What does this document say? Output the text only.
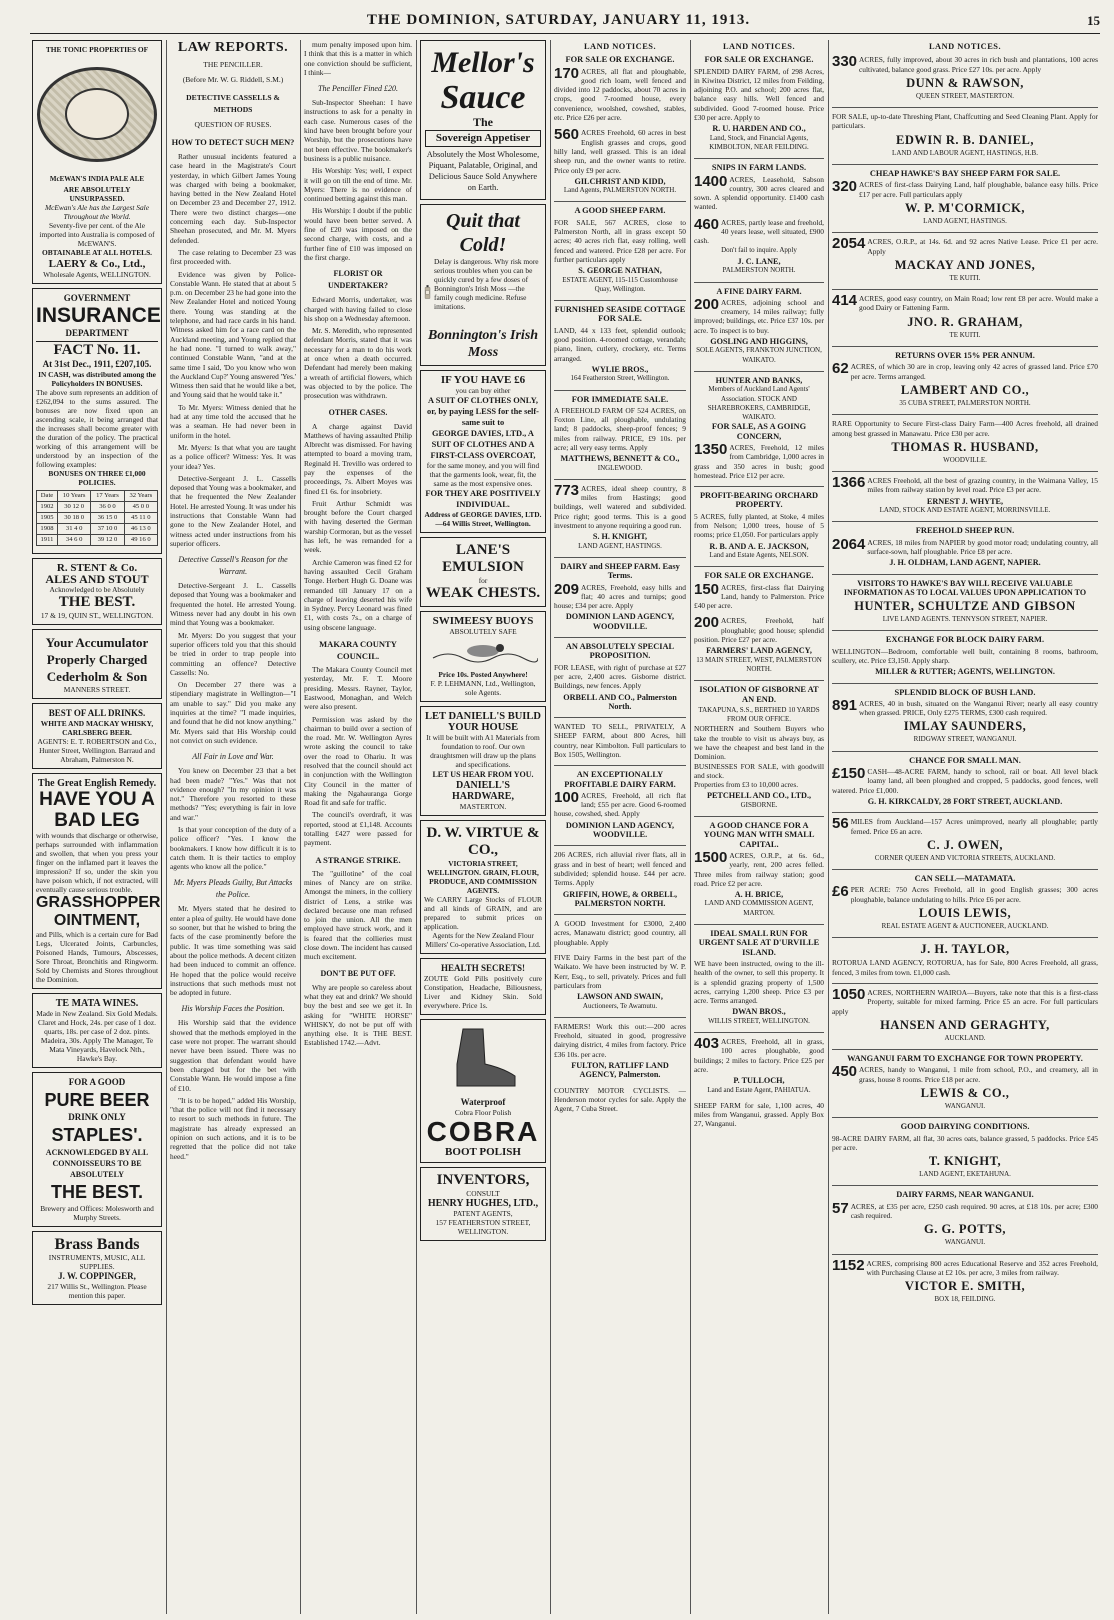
THE DOMINION, SATURDAY, JANUARY 11, 1913.	15
THE TONIC PROPERTIES OF
McEWAN'S INDIA PALE ALE
ARE ABSOLUTELY UNSURPASSED.
McEwan's Ale has the Largest Sale Throughout the World.
Seventy-five per cent. of the Ale imported into Australia is composed of McEWAN'S.
OBTAINABLE AT ALL HOTELS.
LAERY & Co., Ltd.,
Wholesale Agents, WELLINGTON.
GOVERNMENT
INSURANCE
DEPARTMENT
FACT No. 11.
At 31st Dec., 1911, £207,105.
IN CASH, was distributed among the Policyholders IN BONUSES.
The above sum represents an addition of £262,094 to the sums assured. The bonuses are now fixed upon an ascending scale, it being arranged that the increases shall become greater with the duration of the policy. The practical working of this arrangement will be understood by an inspection of the following examples:
BONUSES ON THREE £1,000 POLICIES.
Date	10 Years	17 Years	32 Years
1902	30 12 0	36 0 0	45 0 0
1905	30 18 0	36 15 0	45 11 0
1908	31 4 0	37 10 0	46 13 0
1911	34 6 0	39 12 0	49 16 0
R. STENT & Co.
ALES AND STOUT
Acknowledged to be Absolutely
THE BEST.
17 & 19, QUIN ST., WELLINGTON.
Your Accumulator
Properly Charged
Cederholm & Son
MANNERS STREET.
BEST OF ALL DRINKS.
WHITE AND MACKAY WHISKY, CARLSBERG BEER.
AGENTS: E. T. ROBERTSON and Co., Hunter Street, Wellington. Barraud and Abraham, Palmerston N.
The Great English Remedy.
HAVE YOU A BAD LEG
with wounds that discharge or otherwise, perhaps surrounded with inflammation and swollen, that when you press your finger on the inflamed part it leaves the impression? If so, under the skin you have poison which, if not extracted, will eventually cause serious trouble.
GRASSHOPPER
OINTMENT,
and Pills, which is a certain cure for Bad Legs, Ulcerated Joints, Carbuncles, Poisoned Hands, Tumours, Abscesses, Sore Throat, Bronchitis and Ringworm. Sold by Chemists and Stores throughout the Dominion.
TE MATA WINES.
Made in New Zealand. Six Gold Medals. Claret and Hock, 24s. per case of 1 doz. quarts, 18s. per case of 2 doz. pints. Madeira, 30s. Apply The Manager, Te Mata Vineyards, Havelock Nth., Hawke's Bay.
FOR A GOOD
PURE BEER
DRINK ONLY
STAPLES'.
ACKNOWLEDGED BY ALL CONNOISSEURS TO BE ABSOLUTELY
THE BEST.
Brewery and Offices: Molesworth and Murphy Streets.
Brass Bands
INSTRUMENTS, MUSIC, ALL SUPPLIES.
J. W. COPPINGER,
217 Willis St., Wellington. Please mention this paper.
LAW REPORTS.
THE PENCILLER.
(Before Mr. W. G. Riddell, S.M.)
DETECTIVE CASSELLS & METHODS
QUESTION OF RUSES.
HOW TO DETECT SUCH MEN?

Rather unusual incidents featured a case heard in the Magistrate's Court yesterday, in which Gilbert James Young was charged with being a bookmaker, having betted in the New Zealand Hotel on December 23 and December 27, 1912. There were two distinct charges—one concerning each day. Sub-Inspector Sheehan prosecuted, and Mr. M. Myers defended.

The case relating to December 23 was first proceeded with.

Evidence was given by Police-Constable Wann. He stated that at about 5 p.m. on December 23 he had gone into the New Zealander Hotel and noticed Young there. Young was standing at the telephone, and had race cards in his hand. Witness asked him for a race card on the Auckland meeting, and Young replied that he had none. "I turned to walk away," continued Constable Wann, "and at the same time I said, 'Do you know who won the Auckland Cup?' Young answered 'Yes.' Witness then said that he would like a bet, and Young said that he would take it."

To Mr. Myers: Witness denied that he had at any time told the accused that he was a seaman. He had never been in uniform in the hotel.

Mr. Myers: Is that what you are taught as a police officer? Witness: Yes. It was your idea? Yes.

Detective-Sergeant J. L. Cassells deposed that Young was a bookmaker, and that he frequented the New Zealander Hotel. He arrested Young. It was under his instructions that Constable Wann had gone to the New Zealander Hotel, and witness acted under instructions from his superior officers.

Detective Cassell's Reason for the Warrant.

Detective-Sergeant J. L. Cassells deposed that Young was a bookmaker and frequented the hotel. He arrested Young. Witness never had any doubt in his own mind that Young was a bookmaker.

Mr. Myers: Do you suggest that your superior officers told you that this should be tried in order to trap people into committing an offence? Detective Cassells: No.

On December 27 there was a stipendiary magistrate in Wellington—"I am unable to say." Did you make any inquiries at the time? "I made inquiries, and found that he did not know anything." Mr. Myers said that His Worship could not convict on such evidence.

All Fair in Love and War.

You knew on December 23 that a bet had been made? "Yes." Was that not evidence enough? "In my opinion it was not." Therefore you resorted to these methods? "Yes; everything is fair in love and war."

Is that your conception of the duty of a police officer? "Yes. I know the bookmakers. I know how difficult it is to catch them. It is their tactics to employ agents who know all the police."

Mr. Myers Pleads Guilty, But Attacks the Police.

Mr. Myers stated that he desired to enter a plea of guilty. He would have done so sooner, but that he wished to bring the facts of the case prominently before the public. It was time something was said about the police methods. A decent citizen had been induced to commit an offence. He hoped that the police would receive instructions that such methods must not be adopted in future.

His Worship Faces the Position.

His Worship said that the evidence showed that the methods employed in the case were not proper. The warrant should never have been issued. There was no suggestion that defendant would have been charged but for the bet with Constable Wann. He would impose a fine of £10.

"It is to be hoped," added His Worship, "that the police will not find it necessary to resort to such methods in future. The magistrate has already expressed an opinion on such actions, and it is to be regretted that the police did not take heed."

mum penalty imposed upon him. I think that this is a matter in which one conviction should be sufficient, I think—

The Penciller Fined £20.

Sub-Inspector Sheehan: I have instructions to ask for a penalty in each case. Numerous cases of the kind have been brought before your Worship, but the prosecutions have not been effective. The bookmaker's business is a public nuisance.

His Worship: Yes; well, I expect it will go on till the end of time. Mr. Myers: There is no evidence of continued betting against this man.

His Worship: I doubt if the public would have been better served. A fine of £20 was imposed on the second charge, with costs, and a further fine of £10 was imposed on the first charge.

FLORIST OR UNDERTAKER?

Edward Morris, undertaker, was charged with having failed to close his shop on a Wednesday afternoon.

Mr. S. Meredith, who represented defendant Morris, stated that it was necessary for a man to do his work at once when a death occurred. Defendant had merely been making a wreath of artificial flowers, which was objected to by the police. The prosecution was withdrawn.

OTHER CASES.

A charge against David Matthews of having assaulted Philip Albrecht was dismissed. For having attempted to board a moving tram, Reginald H. Trevillo was ordered to pay the expenses of the proceedings, 7s. Albert Moyes was fined £1 6s. for insobriety.

Fruit Arthur Schmidt was brought before the Court charged with having deserted the German warship Cormoran, but as the vessel has left, he was remanded for a week.

Archie Cameron was fined £2 for having assaulted Cecil Graham Tonge. Herbert Hugh G. Doane was remanded till January 17 on a charge of leaving deserted his wife in Sydney. Percy Leonard was fined £1, with costs 7s., on a charge of using obscene language.

MAKARA COUNTY COUNCIL.

The Makara County Council met yesterday, Mr. F. T. Moore presiding. Messrs. Rayner, Taylor, Eastwood, Monaghan, and Welch were also present.

Permission was asked by the chairman to build over a section of the road. Mr. W. Wellington Ayres wrote asking the council to take over the road to Ohariu. It was resolved that the council should act in conjunction with the Wellington City Council in the matter of making the Ngahauranga Gorge Road fit and safe for traffic.

The council's overdraft, it was reported, stood at £1,148. Accounts totalling £427 were passed for payment.

A STRANGE STRIKE.

The "guillotine" of the coal mines of Nancy are on strike. Amongst the miners, in the colliery district of Lens, a strike was declared because one man refused to join the union. All the men employed have struck work, and it is feared that the collieries must close down. The incident has caused much excitement.

DON'T BE PUT OFF.

Why are people so careless about what they eat and drink? We should buy the best and see we get it. In asking for "WHITE HORSE" WHISKY, do not be put off with anything else. It is THE BEST. Established 1742.—Advt.

Mellor's
Sauce
The
Sovereign Appetiser
Absolutely the Most Wholesome, Piquant, Palatable, Original, and Delicious Sauce Sold Anywhere on Earth.
Quit that Cold!
Delay is dangerous. Why risk more serious troubles when you can be quickly cured by a few doses of Bonnington's Irish Moss —the family cough medicine. Refuse imitations.
Bonnington's Irish Moss
IF YOU HAVE £6
you can buy either
A SUIT OF CLOTHES ONLY, or, by paying LESS for the self-same suit to
GEORGE DAVIES, LTD., A SUIT OF CLOTHES AND A FIRST-CLASS OVERCOAT,
for the same money, and you will find that the garments look, wear, fit, the same as the most expensive ones.
FOR THEY ARE POSITIVELY INDIVIDUAL.
Address of GEORGE DAVIES, LTD.—64 Willis Street, Wellington.
LANE'S EMULSION
for
WEAK CHESTS.
SWIMEESY BUOYS
ABSOLUTELY SAFE
Price 10s. Posted Anywhere!
F. P. LEHMANN, Ltd., Wellington, sole Agents.
LET DANIELL'S BUILD YOUR HOUSE
It will be built with A1 Materials from foundation to roof. Our own draughtsmen will draw up the plans and specifications.
LET US HEAR FROM YOU.
DANIELL'S HARDWARE,
MASTERTON.
D. W. VIRTUE & CO.,
VICTORIA STREET, WELLINGTON. GRAIN, FLOUR, PRODUCE, AND COMMISSION AGENTS.
We CARRY Large Stocks of FLOUR and all kinds of GRAIN, and are prepared to submit prices on application.
Agents for the New Zealand Flour Millers' Co-operative Association, Ltd.
HEALTH SECRETS!
ZOUTE Gold Pills positively cure Constipation, Headache, Biliousness, Liver and Kidney Skin. Sold everywhere. Price 1s.
Waterproof
Cobra Floor Polish
COBRA
BOOT POLISH
INVENTORS,
CONSULT
HENRY HUGHES, LTD.,
PATENT AGENTS,
157 FEATHERSTON STREET, WELLINGTON.
LAND NOTICES.
FOR SALE OR EXCHANGE.
170 ACRES, all flat and ploughable, good rich loam, well fenced and divided into 12 paddocks, about 70 acres in crops, good 7-roomed house, every convenience, woolshed, cowshed, stables, etc. Price £26 per acre.
560 ACRES Freehold, 60 acres in best English grasses and crops, good hilly land, well grassed. This is an ideal sheep run, and the owner wants to retire. Price only £9 per acre.
GILCHRIST AND KIDD,
Land Agents, PALMERSTON NORTH.
A GOOD SHEEP FARM.
FOR SALE, 567 ACRES, close to Palmerston North, all in grass except 50 acres; 40 acres rich flat, easy rolling, well fenced and watered. Price £28 per acre. For further particulars apply
S. GEORGE NATHAN,
ESTATE AGENT, 115-115 Customhouse Quay, Wellington.
FURNISHED SEASIDE COTTAGE FOR SALE.
LAND, 44 x 133 feet, splendid outlook; good position. 4-roomed cottage, verandah; piano, linen, cutlery, crockery, etc. Terms arranged.
WYLIE BROS.,
164 Featherston Street, Wellington.
FOR IMMEDIATE SALE.
A FREEHOLD FARM OF 524 ACRES, on Foxton Line, all ploughable, undulating land; 8 paddocks, sheep-proof fences; 9 miles from railway. PRICE, £9 10s. per acre; all very easy terms. Apply
MATTHEWS, BENNETT & CO.,
INGLEWOOD.
773 ACRES, ideal sheep country, 8 miles from Hastings; good buildings, well watered and subdivided. Price right; good terms. This is a good investment to anyone requiring a good run.
S. H. KNIGHT,
LAND AGENT, HASTINGS.
DAIRY and SHEEP FARM. Easy Terms.
209 ACRES, Freehold, easy hills and flat; 40 acres and turnips; good house; £34 per acre. Apply
DOMINION LAND AGENCY, WOODVILLE.
AN ABSOLUTELY SPECIAL PROPOSITION.
FOR LEASE, with right of purchase at £27 per acre, 2,400 acres. Gisborne district. Buildings, new fences. Apply
ORBELL AND CO., Palmerston North.
WANTED TO SELL, PRIVATELY, A SHEEP FARM, about 800 Acres, hill country, near Kimbolton. Full particulars to Box 1505, Wellington.
AN EXCEPTIONALLY PROFITABLE DAIRY FARM.
100 ACRES, Freehold, all rich flat land; £55 per acre. Good 6-roomed house, cowshed, shed. Apply
DOMINION LAND AGENCY, WOODVILLE.
206 ACRES, rich alluvial river flats, all in grass and in best of heart; well fenced and subdivided; splendid house. £44 per acre. Terms. Apply
GRIFFIN, HOWE, & ORBELL, PALMERSTON NORTH.
A GOOD Investment for £3000, 2,400 acres, Manawatu district; good country, all ploughable. Apply
FIVE Dairy Farms in the best part of the Waikato. We have been instructed by W. P. Kerr, Esq., to sell, privately. Prices and full particulars from
LAWSON AND SWAIN,
Auctioneers, Te Awamutu.
FARMERS! Work this out:—200 acres Freehold, situated in good, progressive dairying district, 4 miles from factory. Price £36 10s. per acre.
FULTON, RATLIFF LAND AGENCY, Palmerston.
COUNTRY MOTOR CYCLISTS. — Henderson motor cycles for sale. Apply the Agent, 7 Cuba Street.
LAND NOTICES.
FOR SALE OR EXCHANGE.
SPLENDID DAIRY FARM, of 298 Acres, in Kiwitea District, 12 miles from Feilding, adjoining P.O. and school; 200 acres flat, balance easy hills. Well fenced and subdivided. Good 7-roomed house. Price £30 per acre. Apply to
R. U. HARDEN AND CO.,
Land, Stock, and Financial Agents, KIMBOLTON, NEAR FEILDING.
SNIPS IN FARM LANDS.
1400 ACRES, Leasehold, Sabson country, 300 acres cleared and sown. A splendid opportunity. £1400 cash wanted.
460 ACRES, partly lease and freehold, 40 years lease, well situated, £900 cash.
Don't fail to inquire. Apply
J. C. LANE,
PALMERSTON NORTH.
A FINE DAIRY FARM.
200 ACRES, adjoining school and creamery, 14 miles railway; fully improved; buildings, etc. Price £37 10s. per acre. To inspect is to buy.
GOSLING AND HIGGINS,
SOLE AGENTS, FRANKTON JUNCTION, WAIKATO.
HUNTER AND BANKS,
Members of Auckland Land Agents' Association. STOCK AND SHAREBROKERS, CAMBRIDGE, WAIKATO.
FOR SALE, AS A GOING CONCERN,
1350 ACRES, Freehold, 12 miles from Cambridge, 1,000 acres in grass and 350 acres in bush; good homestead. Price £12 per acre.
PROFIT-BEARING ORCHARD PROPERTY.
5 ACRES, fully planted, at Stoke, 4 miles from Nelson; 1,000 trees, house of 5 rooms; price £1,050. For particulars apply
R. B. AND A. E. JACKSON,
Land and Estate Agents, NELSON.
FOR SALE OR EXCHANGE.
150 ACRES, first-class flat Dairying Land, handy to Palmerston. Price £40 per acre.
200 ACRES, Freehold, half ploughable; good house; splendid position. Price £27 per acre.
FARMERS' LAND AGENCY,
13 MAIN STREET, WEST, PALMERSTON NORTH.
ISOLATION OF GISBORNE AT AN END.
TAKAPUNA, S.S., BERTHED 10 YARDS FROM OUR OFFICE.
NORTHERN and Southern Buyers who take the trouble to visit us always buy, as we have the cheapest and best land in the Dominion.
BUSINESSES FOR SALE, with goodwill and stock.
Properties from £3 to 10,000 acres.
PETCHELL AND CO., LTD.,
GISBORNE.
A GOOD CHANCE FOR A YOUNG MAN WITH SMALL CAPITAL.
1500 ACRES, O.R.P., at 6s. 6d., yearly, rent, 200 acres felled. Three miles from railway station; good road. Price £2 per acre.
A. H. BRICE,
LAND AND COMMISSION AGENT, MARTON.
IDEAL SMALL RUN FOR URGENT SALE AT D'URVILLE ISLAND.
WE have been instructed, owing to the ill-health of the owner, to sell this property. It is a splendid grazing property of 1,500 acres, carrying 1,200 sheep. Price £3 per acre. Terms arranged.
DWAN BROS.,
WILLIS STREET, WELLINGTON.
403 ACRES, Freehold, all in grass, 100 acres ploughable, good buildings; 2 miles to factory. Price £25 per acre.
P. TULLOCH,
Land and Estate Agent, PAHIATUA.
SHEEP FARM for sale, 1,100 acres, 40 miles from Wanganui, grassed. Apply Box 27, Wanganui.
LAND NOTICES.
330 ACRES, fully improved, about 30 acres in rich bush and plantations, 100 acres cultivated, balance good grass. Price £27 10s. per acre. Apply
DUNN & RAWSON,
QUEEN STREET, MASTERTON.
FOR SALE, up-to-date Threshing Plant, Chaffcutting and Seed Cleaning Plant. Apply for particulars.
EDWIN R. B. DANIEL,
LAND AND LABOUR AGENT, HASTINGS, H.B.
CHEAP HAWKE'S BAY SHEEP FARM FOR SALE.
320 ACRES of first-class Dairying Land, half ploughable, balance easy hills. Price £17 per acre. Full particulars apply
W. P. M'CORMICK,
LAND AGENT, HASTINGS.
2054 ACRES, O.R.P., at 14s. 6d. and 92 acres Native Lease. Price £1 per acre. Apply
MACKAY AND JONES,
TE KUITI.
414 ACRES, good easy country, on Main Road; low rent £8 per acre. Would make a good Dairy or Fattening Farm.
JNO. R. GRAHAM,
TE KUITI.
RETURNS OVER 15% PER ANNUM.
62 ACRES, of which 30 are in crop, leaving only 42 acres of grassed land. Price £70 per acre. Terms arranged.
LAMBERT AND CO.,
35 CUBA STREET, PALMERSTON NORTH.
RARE Opportunity to Secure First-class Dairy Farm—400 Acres freehold, all drained among best grassed in Manawatu. Price £30 per acre.
THOMAS R. HUSBAND,
WOODVILLE.
1366 ACRES Freehold, all the best of grazing country, in the Waimana Valley, 15 miles from railway station by level road. Price £3 per acre.
ERNEST J. WHYTE,
LAND, STOCK AND ESTATE AGENT, MORRINSVILLE.
FREEHOLD SHEEP RUN.
2064 ACRES, 18 miles from NAPIER by good motor road; undulating country, all surface-sown, half ploughable. Price £8 per acre.
J. H. OLDHAM, LAND AGENT, NAPIER.
VISITORS TO HAWKE'S BAY WILL RECEIVE VALUABLE INFORMATION AS TO LOCAL VALUES UPON APPLICATION TO
HUNTER, SCHULTZE AND GIBSON
LIVE LAND AGENTS. TENNYSON STREET, NAPIER.
EXCHANGE FOR BLOCK DAIRY FARM.
WELLINGTON—Bedroom, comfortable well built, containing 8 rooms, bathroom, scullery, etc. Price £3,150. Apply sharp.
MILLER & RUTTER; AGENTS, WELLINGTON.
SPLENDID BLOCK OF BUSH LAND.
891 ACRES, 40 in bush, situated on the Wanganui River; nearly all easy country when grassed. PRICE, Only £275 TERMS, £300 cash required.
IMLAY SAUNDERS,
RIDGWAY STREET, WANGANUI.
CHANCE FOR SMALL MAN.
£150 CASH—48-ACRE FARM, handy to school, rail or boat. All level black loamy land, all been ploughed and cropped, 5 paddocks, good fences, well watered. Price £1,000.
G. H. KIRKCALDY, 28 FORT STREET, AUCKLAND.
56 MILES from Auckland—157 Acres unimproved, nearly all ploughable; partly ferned. Price £6 an acre.
C. J. OWEN,
CORNER QUEEN AND VICTORIA STREETS, AUCKLAND.
CAN SELL—MATAMATA.
£6 PER ACRE: 750 Acres Freehold, all in good English grasses; 300 acres ploughable, balance undulating to hills. Price £6 per acre.
LOUIS LEWIS,
REAL ESTATE AGENT & AUCTIONEER, AUCKLAND.
J. H. TAYLOR,
ROTORUA LAND AGENCY, ROTORUA, has for Sale, 800 Acres Freehold, all grass, fenced, 3 miles from town. £1,000 cash.
1050 ACRES, NORTHERN WAIROA—Buyers, take note that this is a first-class Property, suitable for mixed farming. Price £5 an acre. For full particulars apply
HANSEN AND GERAGHTY,
AUCKLAND.
WANGANUI FARM TO EXCHANGE FOR TOWN PROPERTY.
450 ACRES, handy to Wanganui, 1 mile from school, P.O., and creamery, all in grass, house 8 rooms. Price £18 per acre.
LEWIS & CO.,
WANGANUI.
GOOD DAIRYING CONDITIONS.
98-ACRE DAIRY FARM, all flat, 30 acres oats, balance grassed, 5 paddocks. Price £45 per acre.
T. KNIGHT,
LAND AGENT, EKETAHUNA.
DAIRY FARMS, NEAR WANGANUI.
57 ACRES, at £35 per acre, £250 cash required. 90 acres, at £18 10s. per acre; £300 cash required.
G. G. POTTS,
WANGANUI.
1152 ACRES, comprising 800 acres Educational Reserve and 352 acres Freehold, with Purchasing Clause at £2 10s. per acre, 3 miles from railway.
VICTOR E. SMITH,
BOX 18, FEILDING.
